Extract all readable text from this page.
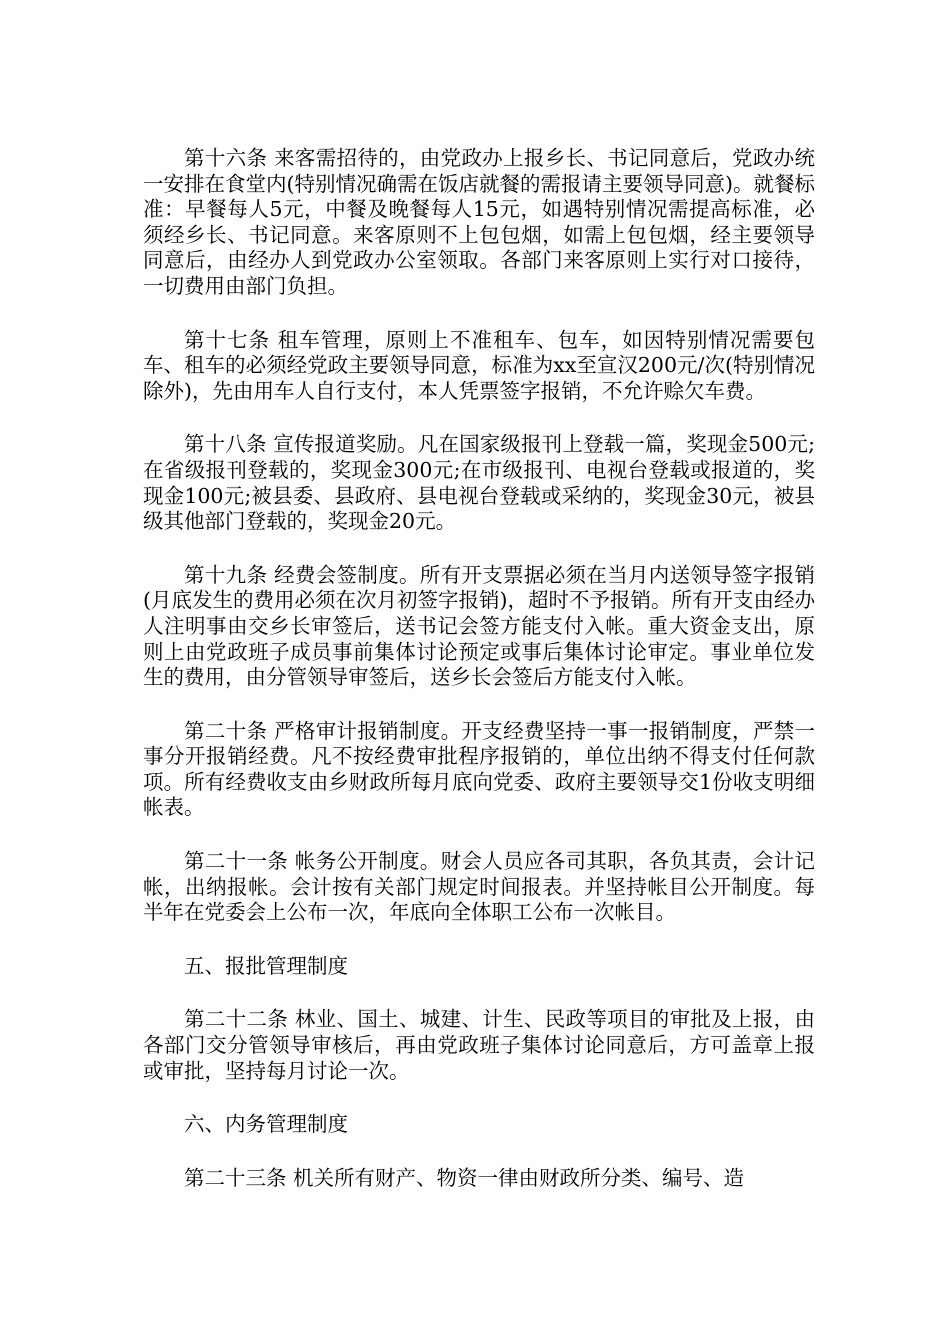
第十六条 来客需招待的，由党政办上报乡长、书记同意后，党政办统一安排在食堂内(特别情况确需在饭店就餐的需报请主要领导同意)。就餐标准：早餐每人5元，中餐及晚餐每人15元，如遇特别情况需提高标准，必须经乡长、书记同意。来客原则不上包包烟，如需上包包烟，经主要领导同意后，由经办人到党政办公室领取。各部门来客原则上实行对口接待，一切费用由部门负担。

第十七条 租车管理，原则上不准租车、包车，如因特别情况需要包车、租车的必须经党政主要领导同意，标准为xx至宣汉200元/次(特别情况除外)，先由用车人自行支付，本人凭票签字报销，不允许赊欠车费。

第十八条 宣传报道奖励。凡在国家级报刊上登载一篇，奖现金500元;在省级报刊登载的，奖现金300元;在市级报刊、电视台登载或报道的，奖现金100元;被县委、县政府、县电视台登载或采纳的，奖现金30元，被县级其他部门登载的，奖现金20元。

第十九条 经费会签制度。所有开支票据必须在当月内送领导签字报销(月底发生的费用必须在次月初签字报销)，超时不予报销。所有开支由经办人注明事由交乡长审签后，送书记会签方能支付入帐。重大资金支出，原则上由党政班子成员事前集体讨论预定或事后集体讨论审定。事业单位发生的费用，由分管领导审签后，送乡长会签后方能支付入帐。

第二十条 严格审计报销制度。开支经费坚持一事一报销制度，严禁一事分开报销经费。凡不按经费审批程序报销的，单位出纳不得支付任何款项。所有经费收支由乡财政所每月底向党委、政府主要领导交1份收支明细帐表。

第二十一条 帐务公开制度。财会人员应各司其职，各负其责，会计记帐，出纳报帐。会计按有关部门规定时间报表。并坚持帐目公开制度。每半年在党委会上公布一次，年底向全体职工公布一次帐目。

五、报批管理制度

第二十二条 林业、国土、城建、计生、民政等项目的审批及上报，由各部门交分管领导审核后，再由党政班子集体讨论同意后，方可盖章上报或审批，坚持每月讨论一次。

六、内务管理制度

第二十三条 机关所有财产、物资一律由财政所分类、编号、造
